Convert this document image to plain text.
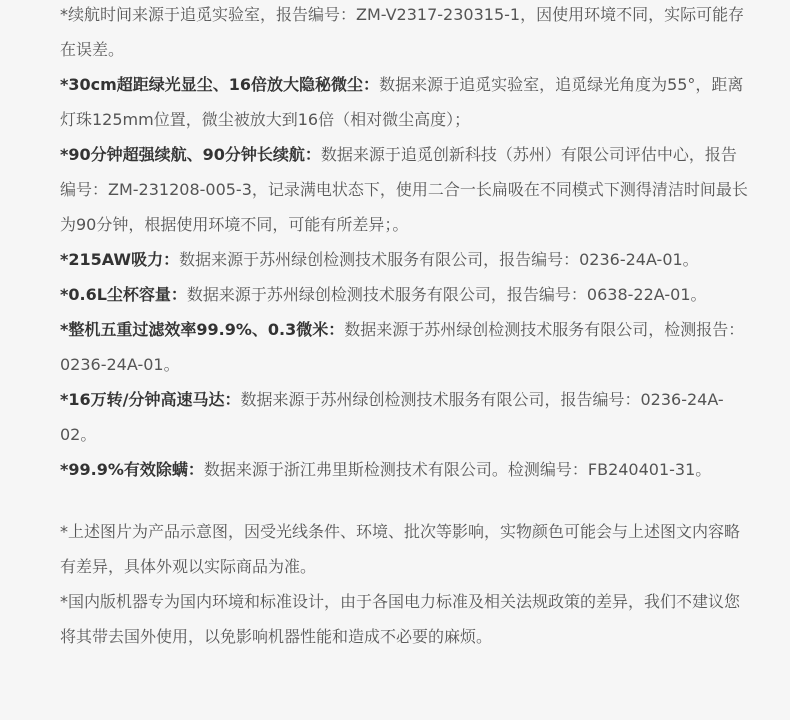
*续航时间来源于追觅实验室，报告编号：ZM-V2317-230315-1，因使用环境不同，实际可能存在误差。

*30cm超距绿光显尘、16倍放大隐秘微尘：数据来源于追觅实验室，追觅绿光角度为55°，距离灯珠125mm位置，微尘被放大到16倍（相对微尘高度）；

*90分钟超强续航、90分钟长续航：数据来源于追觅创新科技（苏州）有限公司评估中心，报告编号：ZM-231208-005-3，记录满电状态下，使用二合一长扁吸在不同模式下测得清洁时间最长为90分钟，根据使用环境不同，可能有所差异；。

*215AW吸力：数据来源于苏州绿创检测技术服务有限公司，报告编号：0236-24A-01。

*0.6L尘杯容量：数据来源于苏州绿创检测技术服务有限公司，报告编号：0638-22A-01。

*整机五重过滤效率99.9%、0.3微米：数据来源于苏州绿创检测技术服务有限公司，检测报告：0236-24A-01。

*16万转/分钟高速马达：数据来源于苏州绿创检测技术服务有限公司，报告编号：0236-24A-02。

*99.9%有效除螨：数据来源于浙江弗里斯检测技术有限公司。检测编号：FB240401-31。

*上述图片为产品示意图，因受光线条件、环境、批次等影响，实物颜色可能会与上述图文内容略有差异，具体外观以实际商品为准。

*国内版机器专为国内环境和标准设计，由于各国电力标准及相关法规政策的差异，我们不建议您将其带去国外使用，以免影响机器性能和造成不必要的麻烦。
